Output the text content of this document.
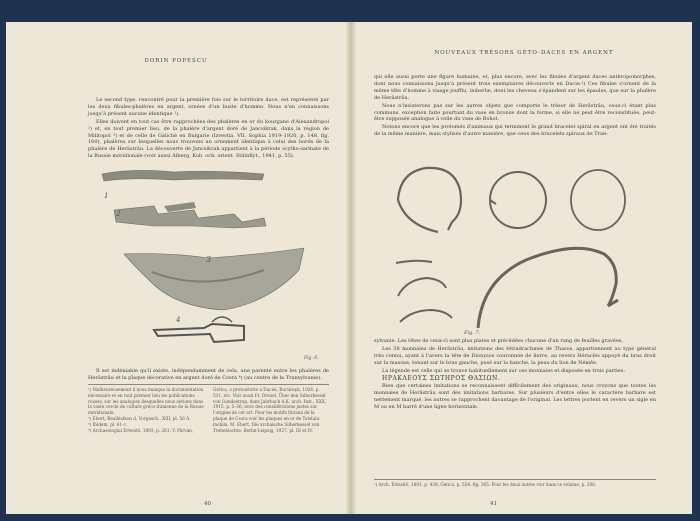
DORIN POPESCU

Le second type, rencontré pour la première fois sur le territoire dace, est représenté par les deux fibules-phalères en argent, ornées d'un buste d'homme. Nous n'en connaissons jusqu'à présent aucune identique ¹).

Elles doivent en tout cas être rapprochées des phalères en or du kourgane d'Alexandropol ²) et, en tout premier lieu, de la phalère d'argent doré de Jancsikrak, dans la région de Militopol ³) et de celle de Galiché en Bulgarie (Izvestia, VII, Sophia 1919–1920, p. 148, fig. 160), phalères sur lesquelles nous trouvons un ornement identique à celui des bords de la phalère de Herăstrău. La découverte de Jancsikrak appartient à la période scytho-sarmate de la Russie méridionale (voir aussi Alberg, Kob. och. orient. Stilinflyt., 1941, p. 55).

1
2
3
4
Fig. 6.

Il est indéniable qu'il existe, indépendamment de cela, une parenté entre les phalères de Herăstrău et la plaque décorative en argent doré de Csora ⁴) (au centre de la Transylvanie).

¹) Malheureusement il nous manque la documentation nécessaire et en tout premier lieu les publications russes, sur les analogies desquelles nous serions dans la vaste cercle de culture gréco-iranienne de la Russie méridionale.

²) Ebert, Realléxikon d. Vorgesch., XIII, pl. 56 A.

³) Ibidem, pl. 61 c.

⁴) Archaeologiai Értesitö, 1893, p. 261; V. Pârvan,

Getica, o protoistorie a Daciei, Bucureşti, 1926, p. 531, etc. Voir aussi Fr. Drexel, Über den Silberkessel von Gundestrup, dans Jahrbuch d.K. arch. Inst., XXX, 1915, p. 5–36, avec des considérations justes sur l'origine de cet art. Pour les motifs floraux de la plaque de Csora voir les plaques en or de Tolstaïa-mohila, M. Ebert, Die archaische Silberkessel von Trebenischte, Berlin-Leipzig, 1927, pl. III et IV.

40
NOUVEAUX TRÉSORS GÉTO-DACES EN ARGENT

qui elle aussi porte une figure humaine, et, plus encore, avec les fibules d'argent daces anthropomorphes, dont nous connaissons jusqu'à présent trois exemplaires découverts en Dacie.¹) Ces fibules s'ornent de la même tête d'homme à visage joufflu, imberbe, dont les cheveux s'épandent sur les épaules, que sur la phalère de Herăstrău.

Nous n'insisterons pas sur les autres objets que comporte le trésor de Herăstrău, ceux-ci étant plus communs, exception faite pourtant du vase en bronze dont la forme, si elle ne peut être reconstituée, peut-être supposée analogue à celle du vase de Bohot.

Notons encore que les protomés d'animaux qui terminent le grand bracelet spiral en argent ont été traités de la même manière, mais stylisés d'autre manière, que ceux des bracelets spiraux de Tran-

Fig. 7.

sylvanie. Les têtes de ceux-ci sont plus plates et précédées chacune d'un rang de feuilles gravées.

Les 58 monnaies de Herăstrău, imitations des tétradrachmes de Thasos, appartiennent au type général très connu, ayant à l'avers la tête de Dionysos couronnée de lierre, au revers Héraclès appuyé du bras droit sur la massue, tenant sur le bras gauche, posé sur la hanche, la peau du lion de Némée.

La légende est celle qui se trouve habituellement sur ces monnaies et disposée en trois parties:

ΗΡΑΚΛΕΟΥΣ ΣΩΤΗΡΟΣ ΘΑΣΙΩΝ.

Bien que certaines imitations se reconnaissent difficilement des originaux, nous croyons que toutes les monnaies de Herăstrău sont des imitations barbares. Sur plusieurs d'entre elles le caractère barbare est nettement marqué, les autres se rapprochent davantage de l'original. Les lettres portent en revers un sigle en M ou en M barré d'une ligne horizontale.

¹) Arch. Értesitö, 1891, p. 438; Getica, p. 554, fig. 365. Pour les deux autres voir dans ce volume, p. 268.

41
